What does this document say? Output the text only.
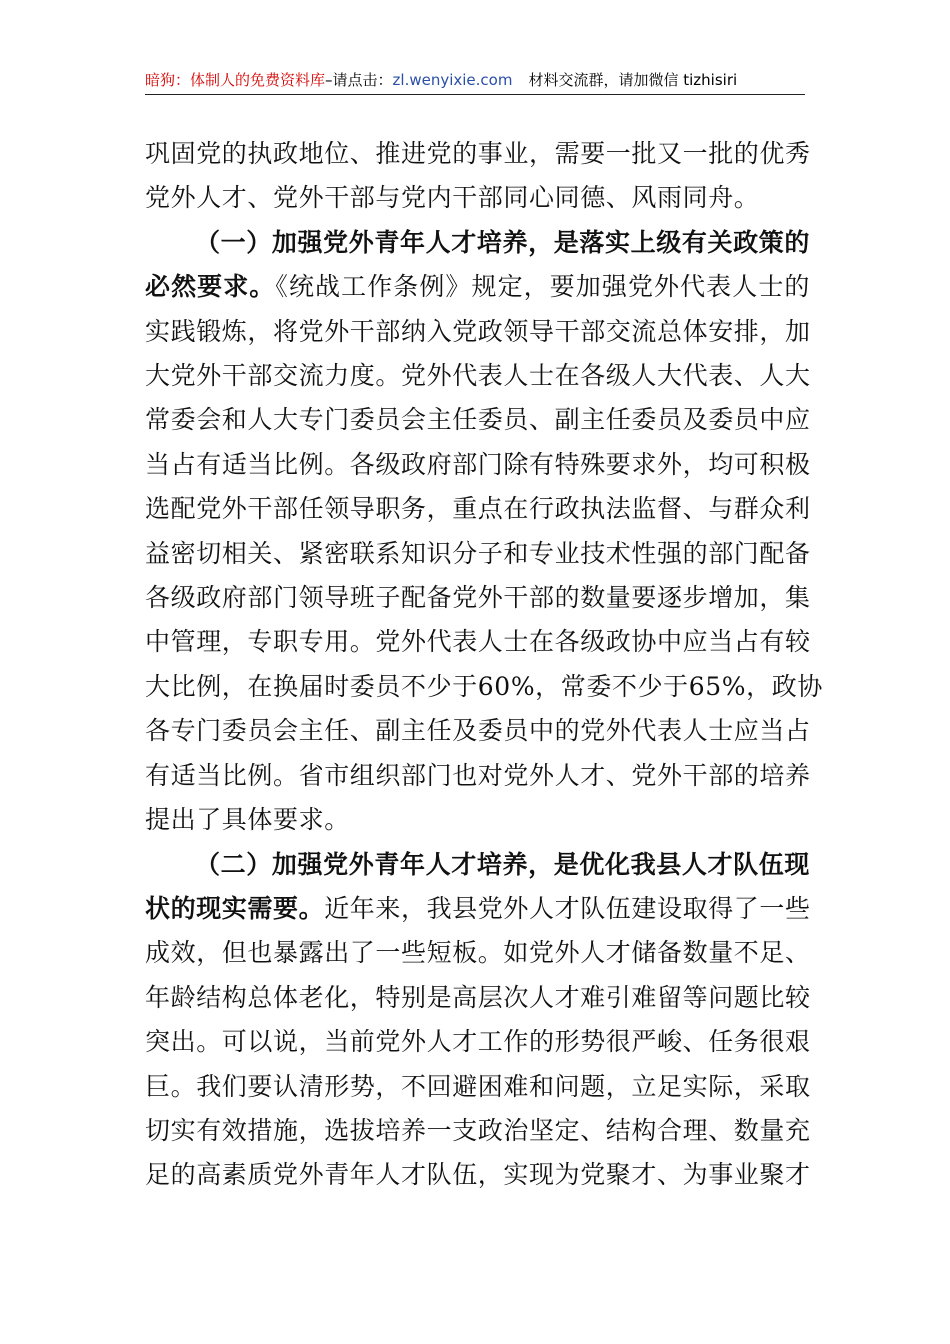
暗狗：体制人的免费资料库–请点击：zl.wenyixie.com 材料交流群，请加微信 tizhisiri
巩固党的执政地位、推进党的事业，需要一批又一批的优秀
党外人才、党外干部与党内干部同心同德、风雨同舟。
（一）加强党外青年人才培养，是落实上级有关政策的
必然要求。《统战工作条例》规定，要加强党外代表人士的
实践锻炼，将党外干部纳入党政领导干部交流总体安排，加
大党外干部交流力度。党外代表人士在各级人大代表、人大
常委会和人大专门委员会主任委员、副主任委员及委员中应
当占有适当比例。各级政府部门除有特殊要求外，均可积极
选配党外干部任领导职务，重点在行政执法监督、与群众利
益密切相关、紧密联系知识分子和专业技术性强的部门配备
各级政府部门领导班子配备党外干部的数量要逐步增加，集
中管理，专职专用。党外代表人士在各级政协中应当占有较
大比例，在换届时委员不少于60%，常委不少于65%，政协
各专门委员会主任、副主任及委员中的党外代表人士应当占
有适当比例。省市组织部门也对党外人才、党外干部的培养
提出了具体要求。
（二）加强党外青年人才培养，是优化我县人才队伍现
状的现实需要。近年来，我县党外人才队伍建设取得了一些
成效，但也暴露出了一些短板。如党外人才储备数量不足、
年龄结构总体老化，特别是高层次人才难引难留等问题比较
突出。可以说，当前党外人才工作的形势很严峻、任务很艰
巨。我们要认清形势，不回避困难和问题，立足实际，采取
切实有效措施，选拔培养一支政治坚定、结构合理、数量充
足的高素质党外青年人才队伍，实现为党聚才、为事业聚才
